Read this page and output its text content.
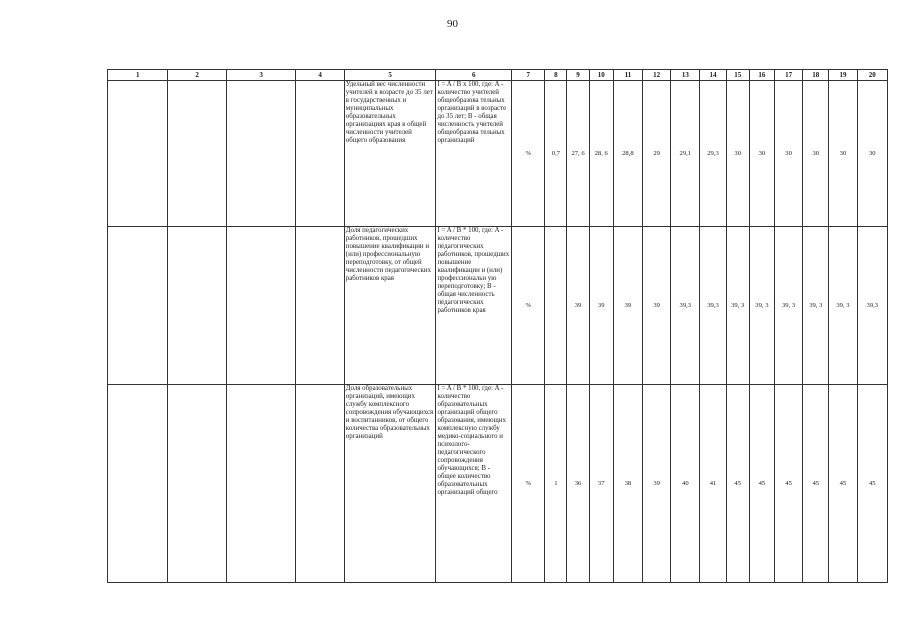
90
1	2	3	4	5	6	7	8	9	10	11	12	13	14	15	16	17	18	19	20
				Удельный вес численности учителей в возрасте до 35 лет в государственных и муниципальных образовательных организациях края в общей численности учителей общего образования	I = A / B x 100, где: A - количество учителей общеобразова тельных организаций в возрасте до 35 лет; B - общая численность учителей общеобразова тельных организаций	%	0,7	27, 6	28, 6	28,8	29	29,1	29,3	30	30	30	30	30	30
				Доля педагогических работников, прошедших повышение квалификации и (или) профессиональную переподготовку, от общей численности педагогических работников края	I = A / B * 100, где: A - количество педагогических работников, прошедших повышение квалификации и (или) профессиональн ую переподготовку; B - общая численность педагогических работников края	%		39	39	39	39	39,3	39,3	39, 3	39, 3	39, 3	39, 3	39, 3	39,3
				Доля образовательных организаций, имеющих службу комплексного сопровождения обучающихся и воспитанников, от общего количества образовательных организаций	I = A / B * 100, где: A - количество образовательных организаций общего образования, имеющих комплексную службу медико-социального и психолого-педагогического сопровождения обучающихся; B - общее количество образовательных организаций общего	%	1	36	37	38	39	40	41	45	45	45	45	45	45
